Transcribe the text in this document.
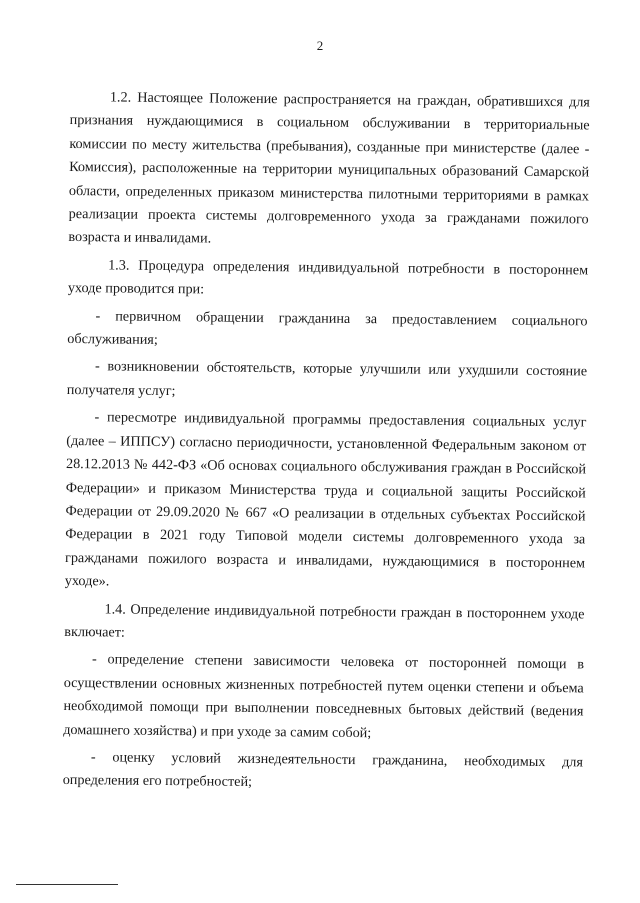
2

1.2. Настоящее Положение распространяется на граждан, обратившихся для признания нуждающимися в социальном обслуживании в территориальные комиссии по месту жительства (пребывания), созданные при министерстве (далее - Комиссия), расположенные на территории муниципальных образований Самарской области, определенных приказом министерства пилотными территориями в рамках реализации проекта системы долговременного ухода за гражданами пожилого возраста и инвалидами.

1.3. Процедура определения индивидуальной потребности в постороннем уходе проводится при:

- первичном обращении гражданина за предоставлением социального обслуживания;

- возникновении обстоятельств, которые улучшили или ухудшили состояние получателя услуг;

- пересмотре индивидуальной программы предоставления социальных услуг (далее – ИППСУ) согласно периодичности, установленной Федеральным законом от 28.12.2013 № 442-ФЗ «Об основах социального обслуживания граждан в Российской Федерации» и приказом Министерства труда и социальной защиты Российской Федерации от 29.09.2020 № 667 «О реализации в отдельных субъектах Российской Федерации в 2021 году Типовой модели системы долговременного ухода за гражданами пожилого возраста и инвалидами, нуждающимися в постороннем уходе».

1.4. Определение индивидуальной потребности граждан в постороннем уходе включает:

- определение степени зависимости человека от посторонней помощи в осуществлении основных жизненных потребностей путем оценки степени и объема необходимой помощи при выполнении повседневных бытовых действий (ведения домашнего хозяйства) и при уходе за самим собой;

- оценку условий жизнедеятельности гражданина, необходимых для определения его потребностей;
